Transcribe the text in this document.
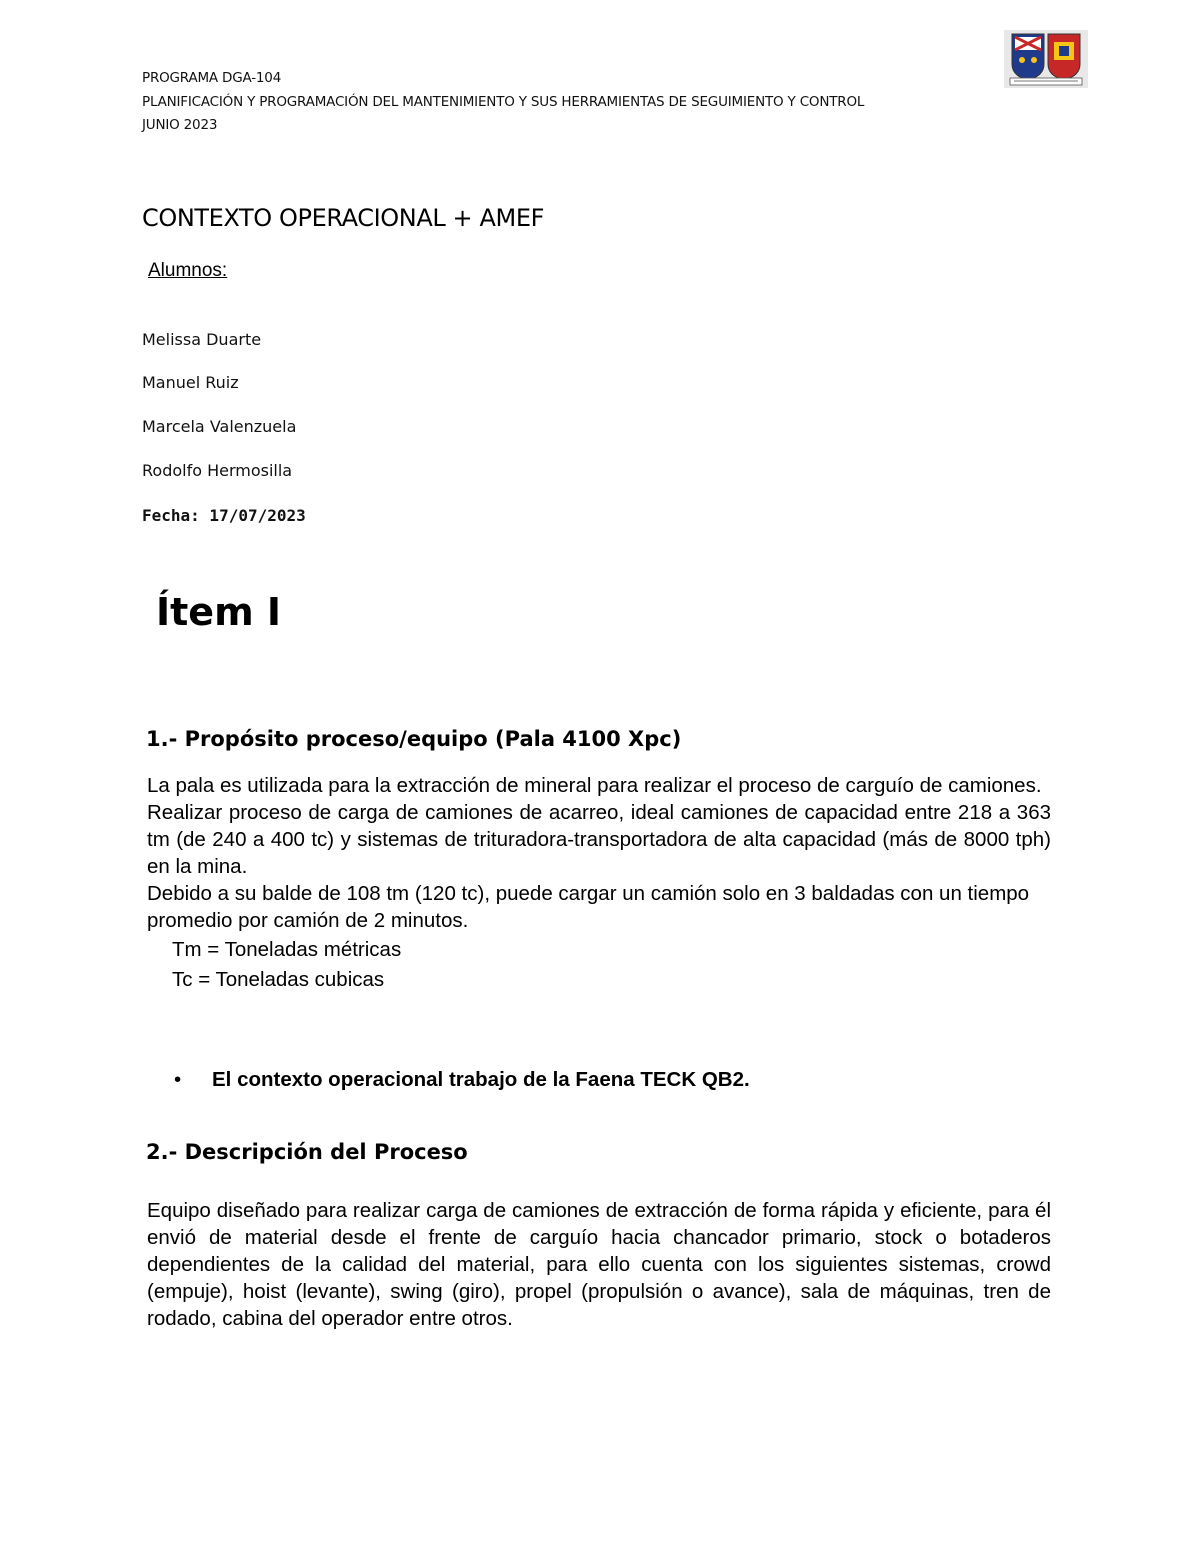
PROGRAMA DGA-104
PLANIFICACIÓN Y PROGRAMACIÓN DEL MANTENIMIENTO Y SUS HERRAMIENTAS DE SEGUIMIENTO Y CONTROL
JUNIO 2023
CONTEXTO OPERACIONAL + AMEF
Alumnos:
Melissa Duarte
Manuel Ruiz
Marcela Valenzuela
Rodolfo Hermosilla
Fecha: 17/07/2023
Ítem I
1.- Propósito proceso/equipo (Pala 4100 Xpc)

La pala es utilizada para la extracción de mineral para realizar el proceso de carguío de camiones.

Realizar proceso de carga de camiones de acarreo, ideal camiones de capacidad entre 218 a 363 tm (de 240 a 400 tc) y sistemas de trituradora-transportadora de alta capacidad (más de 8000 tph) en la mina.

Debido a su balde de 108 tm (120 tc), puede cargar un camión solo en 3 baldadas con un tiempo promedio por camión de 2 minutos.

Tm = Toneladas métricas

Tc = Toneladas cubicas

• El contexto operacional trabajo de la Faena TECK QB2.
2.- Descripción del Proceso

Equipo diseñado para realizar carga de camiones de extracción de forma rápida y eficiente, para él envió de material desde el frente de carguío hacia chancador primario, stock o botaderos dependientes de la calidad del material, para ello cuenta con los siguientes sistemas, crowd (empuje), hoist (levante), swing (giro), propel (propulsión o avance), sala de máquinas, tren de rodado, cabina del operador entre otros.
